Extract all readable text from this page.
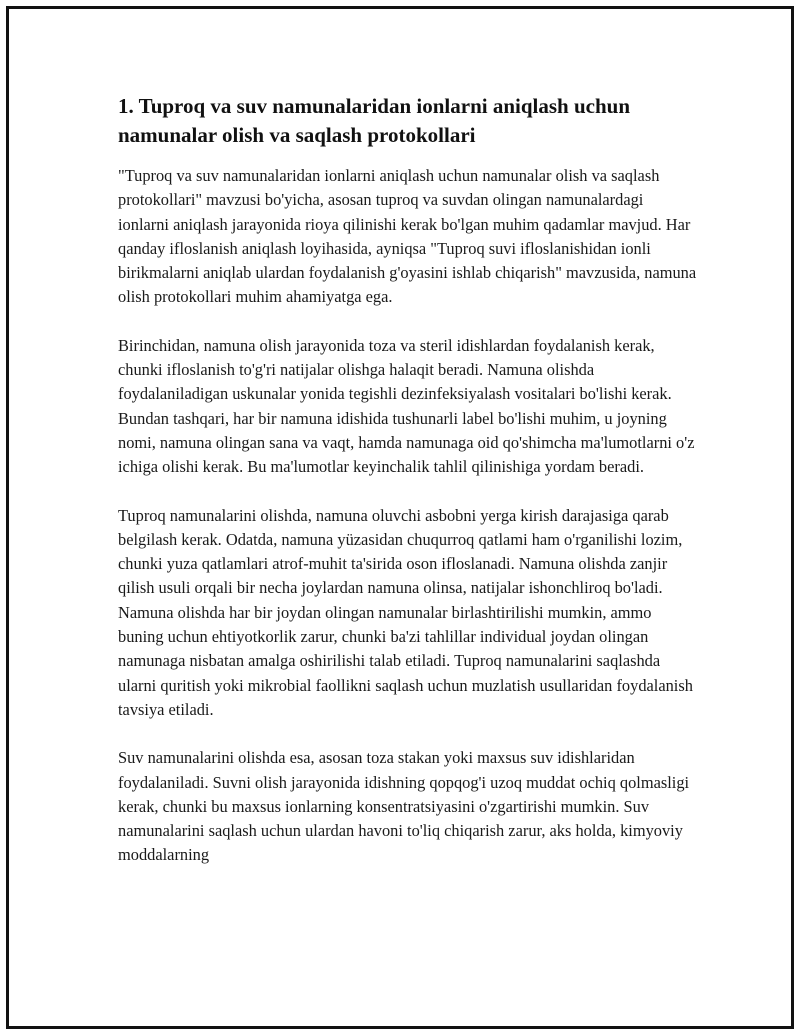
1. Tuproq va suv namunalaridan ionlarni aniqlash uchun namunalar olish va saqlash protokollari

"Tuproq va suv namunalaridan ionlarni aniqlash uchun namunalar olish va saqlash protokollari" mavzusi bo'yicha, asosan tuproq va suvdan olingan namunalardagi ionlarni aniqlash jarayonida rioya qilinishi kerak bo'lgan muhim qadamlar mavjud. Har qanday ifloslanish aniqlash loyihasida, ayniqsa "Tuproq suvi ifloslanishidan ionli birikmalarni aniqlab ulardan foydalanish g'oyasini ishlab chiqarish" mavzusida, namuna olish protokollari muhim ahamiyatga ega.

Birinchidan, namuna olish jarayonida toza va steril idishlardan foydalanish kerak, chunki ifloslanish to'g'ri natijalar olishga halaqit beradi. Namuna olishda foydalaniladigan uskunalar yonida tegishli dezinfeksiyalash vositalari bo'lishi kerak. Bundan tashqari, har bir namuna idishida tushunarli label bo'lishi muhim, u joyning nomi, namuna olingan sana va vaqt, hamda namunaga oid qo'shimcha ma'lumotlarni o'z ichiga olishi kerak. Bu ma'lumotlar keyinchalik tahlil qilinishiga yordam beradi.

Tuproq namunalarini olishda, namuna oluvchi asbobni yerga kirish darajasiga qarab belgilash kerak. Odatda, namuna yüzasidan chuqurroq qatlami ham o'rganilishi lozim, chunki yuza qatlamlari atrof-muhit ta'sirida oson ifloslanadi. Namuna olishda zanjir qilish usuli orqali bir necha joylardan namuna olinsa, natijalar ishonchliroq bo'ladi. Namuna olishda har bir joydan olingan namunalar birlashtirilishi mumkin, ammo buning uchun ehtiyotkorlik zarur, chunki ba'zi tahlillar individual joydan olingan namunaga nisbatan amalga oshirilishi talab etiladi. Tuproq namunalarini saqlashda ularni quritish yoki mikrobial faollikni saqlash uchun muzlatish usullaridan foydalanish tavsiya etiladi.

Suv namunalarini olishda esa, asosan toza stakan yoki maxsus suv idishlaridan foydalaniladi. Suvni olish jarayonida idishning qopqog'i uzoq muddat ochiq qolmasligi kerak, chunki bu maxsus ionlarning konsentratsiyasini o'zgartirishi mumkin. Suv namunalarini saqlash uchun ulardan havoni to'liq chiqarish zarur, aks holda, kimyoviy moddalarning
